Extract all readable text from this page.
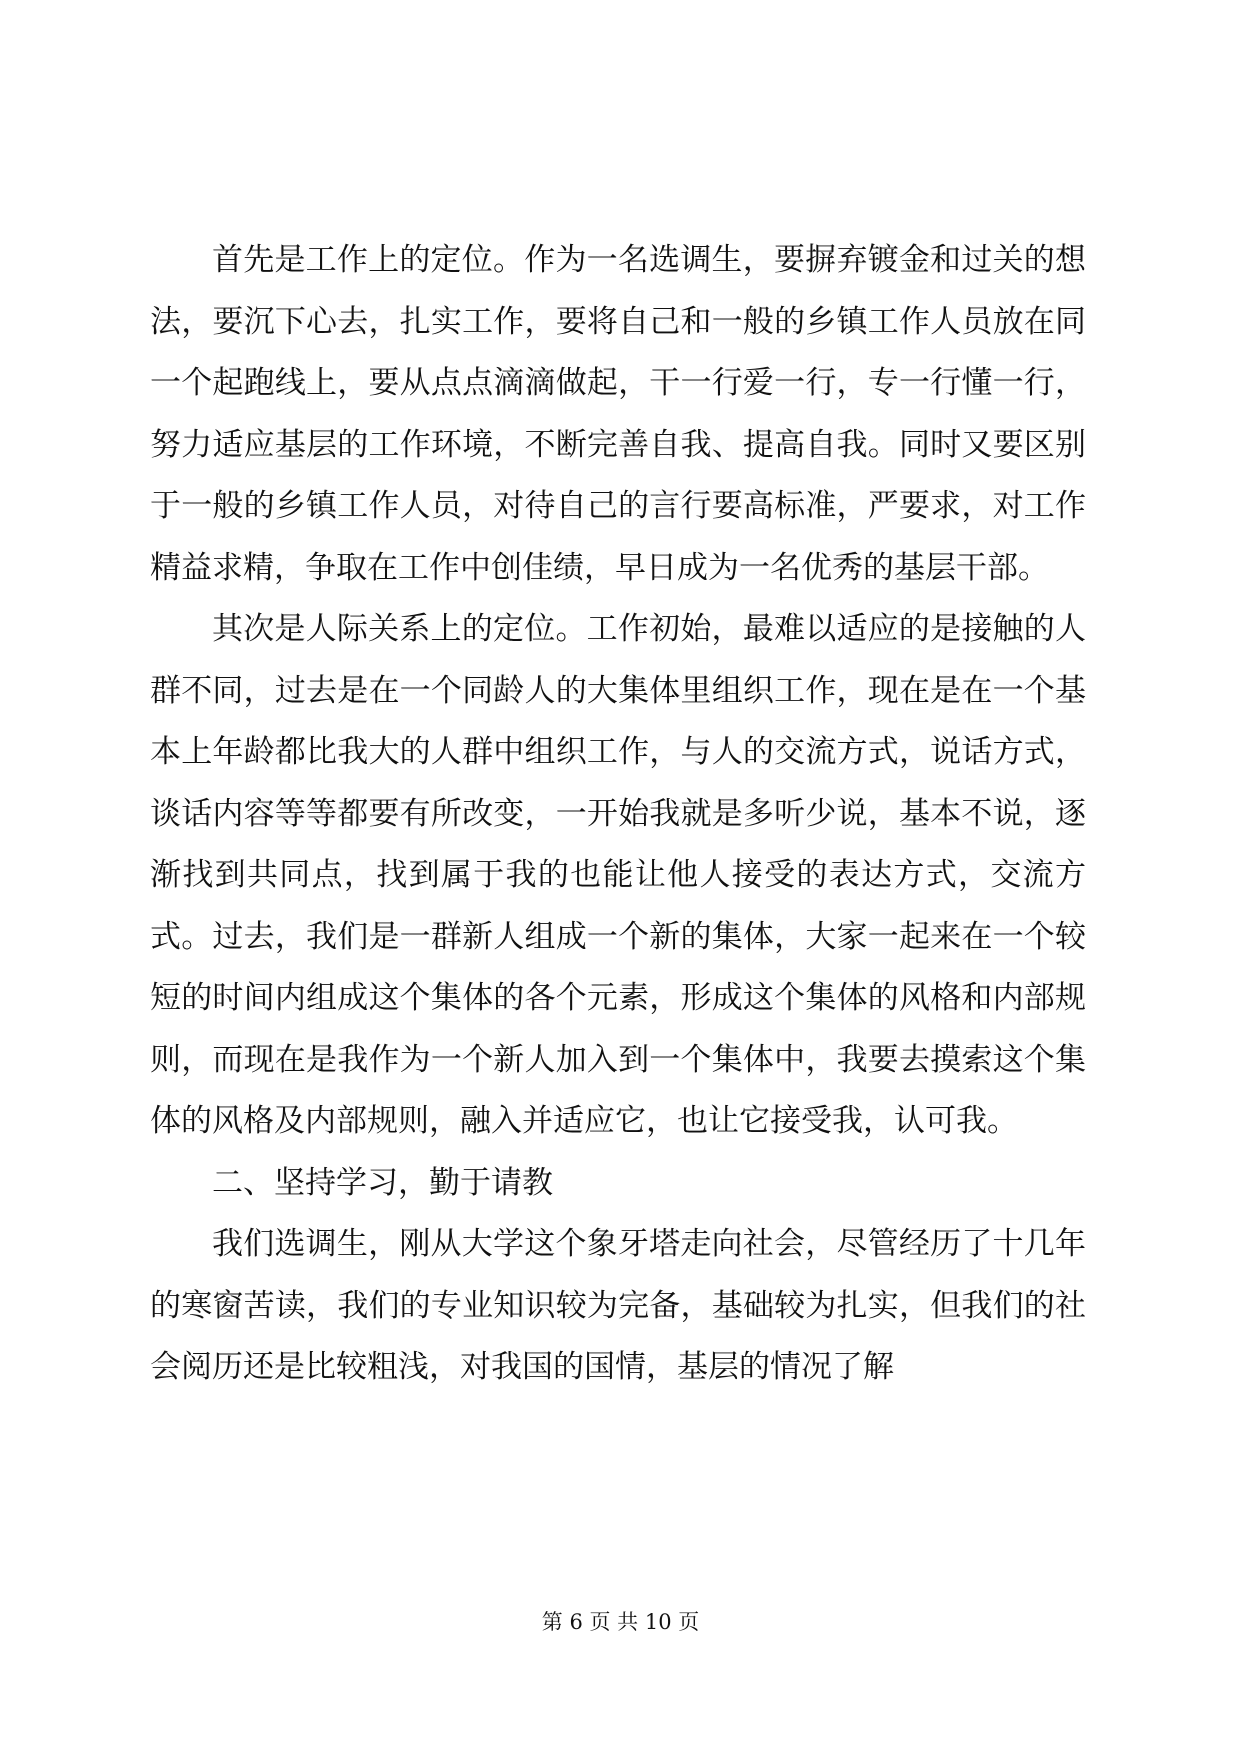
首先是工作上的定位。作为一名选调生，要摒弃镀金和过关的想法，要沉下心去，扎实工作，要将自己和一般的乡镇工作人员放在同一个起跑线上，要从点点滴滴做起，干一行爱一行，专一行懂一行，努力适应基层的工作环境，不断完善自我、提高自我。同时又要区别于一般的乡镇工作人员，对待自己的言行要高标准，严要求，对工作精益求精，争取在工作中创佳绩，早日成为一名优秀的基层干部。

其次是人际关系上的定位。工作初始，最难以适应的是接触的人群不同，过去是在一个同龄人的大集体里组织工作，现在是在一个基本上年龄都比我大的人群中组织工作，与人的交流方式，说话方式，谈话内容等等都要有所改变，一开始我就是多听少说，基本不说，逐渐找到共同点，找到属于我的也能让他人接受的表达方式，交流方式。过去，我们是一群新人组成一个新的集体，大家一起来在一个较短的时间内组成这个集体的各个元素，形成这个集体的风格和内部规则，而现在是我作为一个新人加入到一个集体中，我要去摸索这个集体的风格及内部规则，融入并适应它，也让它接受我，认可我。

二、坚持学习，勤于请教

我们选调生，刚从大学这个象牙塔走向社会，尽管经历了十几年的寒窗苦读，我们的专业知识较为完备，基础较为扎实，但我们的社会阅历还是比较粗浅，对我国的国情，基层的情况了解

第 6 页 共 10 页
